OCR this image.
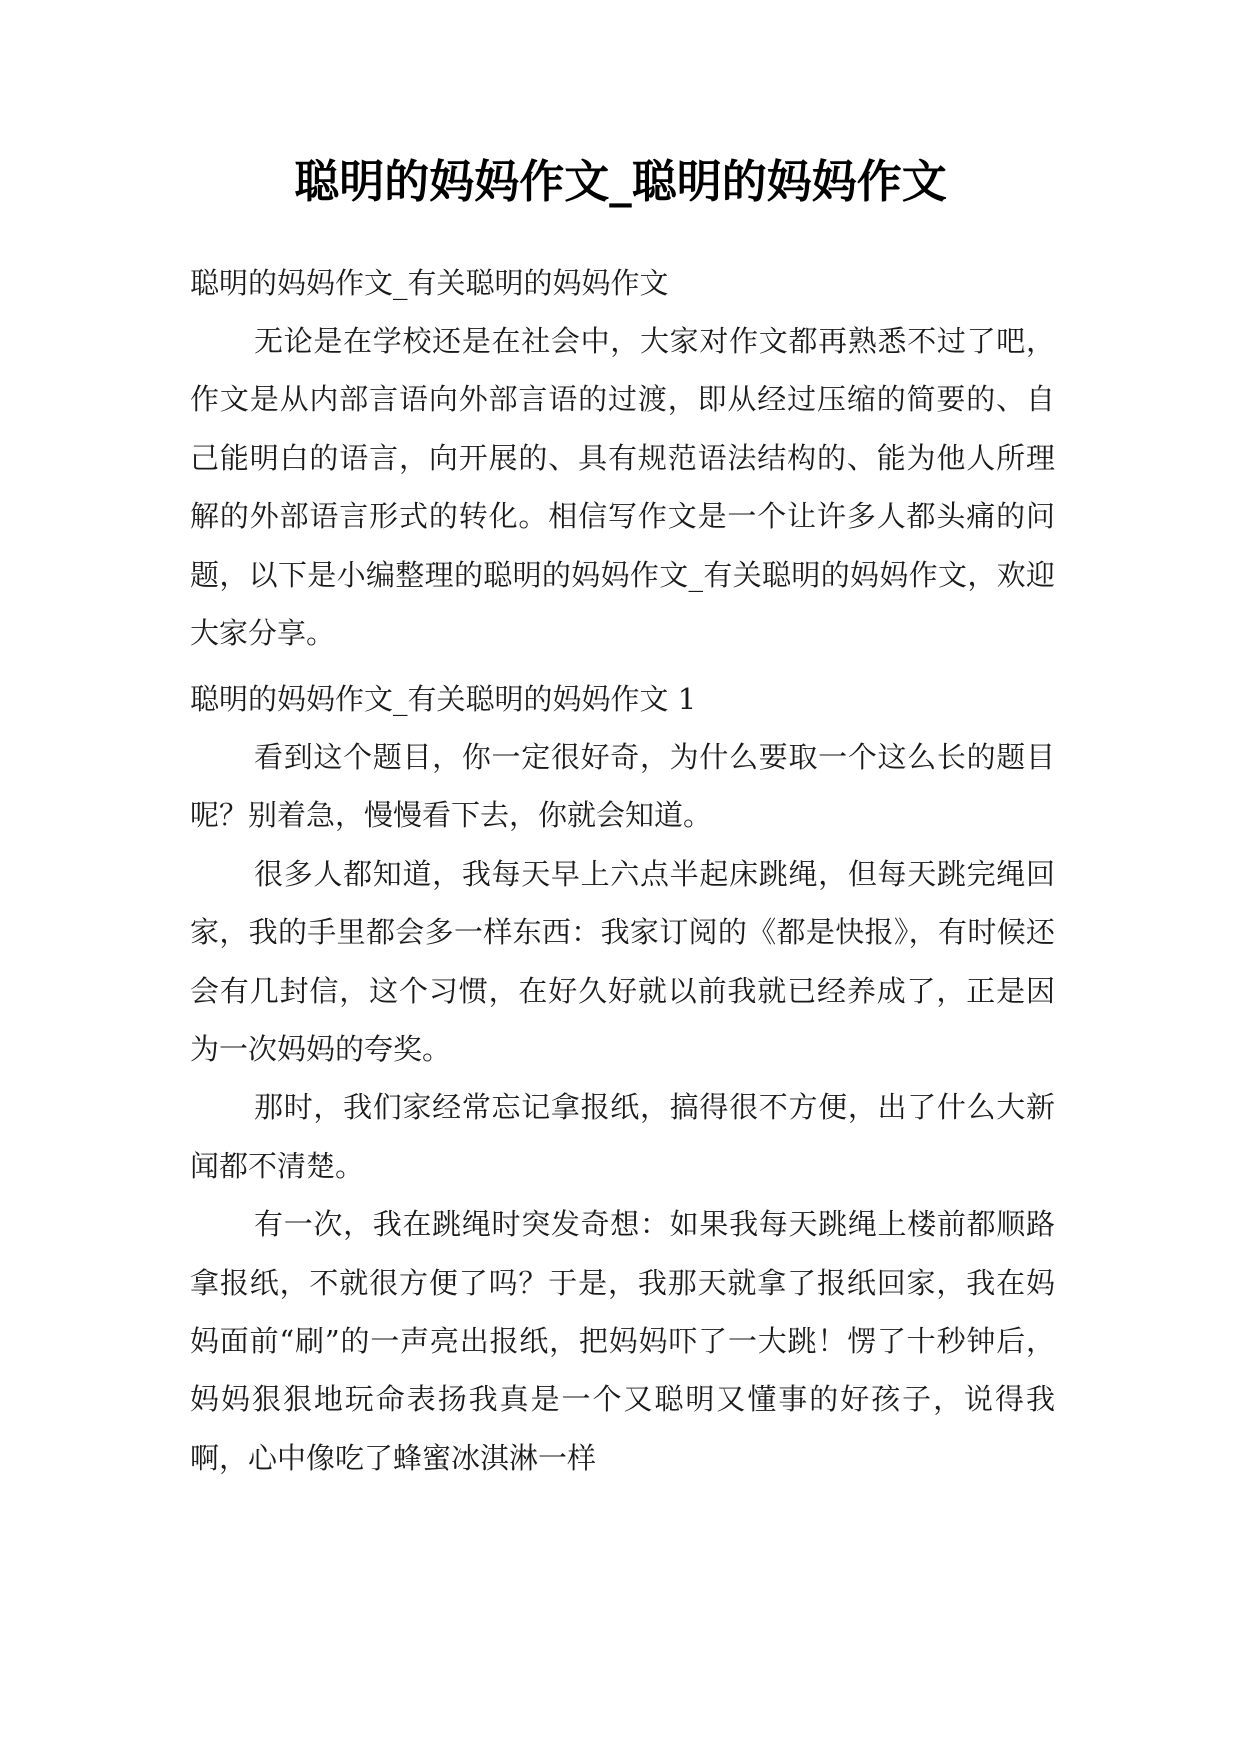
聪明的妈妈作文_聪明的妈妈作文
聪明的妈妈作文_有关聪明的妈妈作文

无论是在学校还是在社会中，大家对作文都再熟悉不过了吧，作文是从内部言语向外部言语的过渡，即从经过压缩的简要的、自己能明白的语言，向开展的、具有规范语法结构的、能为他人所理解的外部语言形式的转化。相信写作文是一个让许多人都头痛的问题，以下是小编整理的聪明的妈妈作文_有关聪明的妈妈作文，欢迎大家分享。

聪明的妈妈作文_有关聪明的妈妈作文 1

看到这个题目，你一定很好奇，为什么要取一个这么长的题目呢？别着急，慢慢看下去，你就会知道。

很多人都知道，我每天早上六点半起床跳绳，但每天跳完绳回家，我的手里都会多一样东西：我家订阅的《都是快报》，有时候还会有几封信，这个习惯，在好久好就以前我就已经养成了，正是因为一次妈妈的夸奖。

那时，我们家经常忘记拿报纸，搞得很不方便，出了什么大新闻都不清楚。

有一次，我在跳绳时突发奇想：如果我每天跳绳上楼前都顺路拿报纸，不就很方便了吗？于是，我那天就拿了报纸回家，我在妈妈面前“刷”的一声亮出报纸，把妈妈吓了一大跳！愣了十秒钟后，妈妈狠狠地玩命表扬我真是一个又聪明又懂事的好孩子，说得我啊，心中像吃了蜂蜜冰淇淋一样
